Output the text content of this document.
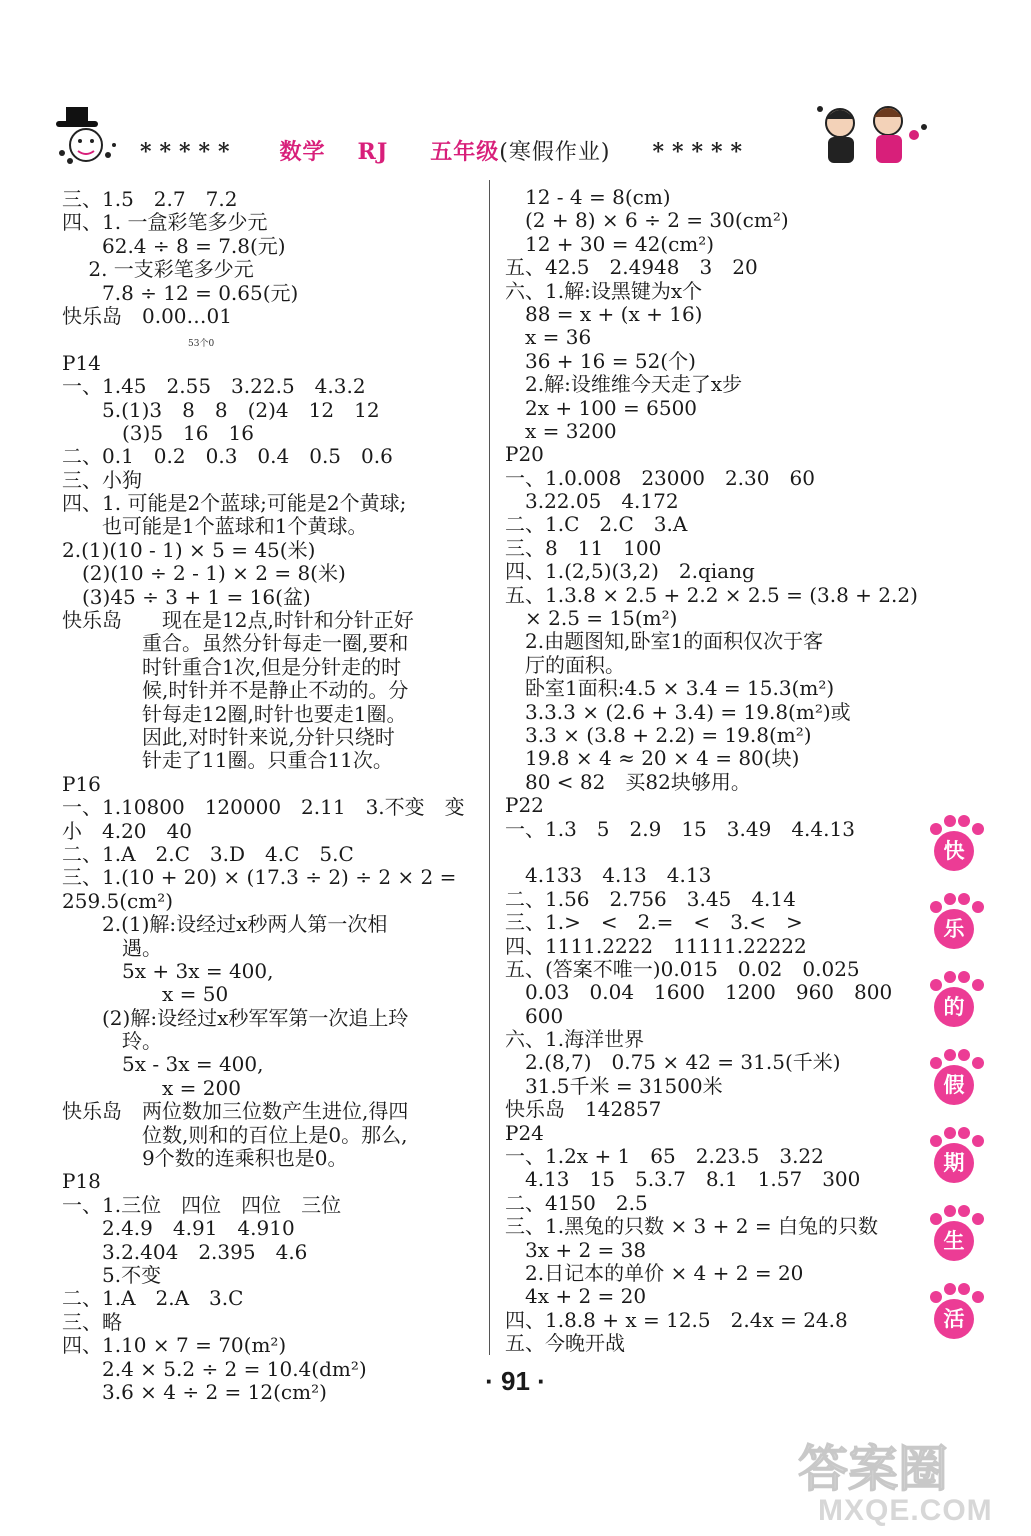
***** 数学 RJ 五年级(寒假作业) *****
三、1.5　2.7　7.2
四、1. 一盒彩笔多少元
　　62.4 ÷ 8 = 7.8(元)
　 2. 一支彩笔多少元
　　7.8 ÷ 12 = 0.65(元)
快乐岛　0.00…01
P14
一、1.45　2.55　3.22.5　4.3.2
　　5.(1)3　8　8　(2)4　12　12
　　　(3)5　16　16
二、0.1　0.2　0.3　0.4　0.5　0.6
三、小狗
四、1. 可能是2个蓝球;可能是2个黄球;
　　也可能是1个蓝球和1个黄球。
2.(1)(10 - 1) × 5 = 45(米)
　(2)(10 ÷ 2 - 1) × 2 = 8(米)
　(3)45 ÷ 3 + 1 = 16(盆)
快乐岛　　现在是12点,时针和分针正好
　　　　重合。虽然分针每走一圈,要和
　　　　时针重合1次,但是分针走的时
　　　　候,时针并不是静止不动的。分
　　　　针每走12圈,时针也要走1圈。
　　　　因此,对时针来说,分针只绕时
　　　　针走了11圈。只重合11次。
P16
一、1.10800　120000　2.11　3.不变　变
小　4.20　40
二、1.A　2.C　3.D　4.C　5.C
三、1.(10 + 20) × (17.3 ÷ 2) ÷ 2 × 2 =
259.5(cm²)
　　2.(1)解:设经过x秒两人第一次相
　　　遇。
　　　5x + 3x = 400,
　　　　　x = 50
　　(2)解:设经过x秒军军第一次追上玲
　　　玲。
　　　5x - 3x = 400,
　　　　　x = 200
快乐岛　两位数加三位数产生进位,得四
　　　　位数,则和的百位上是0。那么,
　　　　9个数的连乘积也是0。
P18
一、1.三位　四位　四位　三位
　　2.4.9　4.91　4.910
　　3.2.404　2.395　4.6
　　5.不变
二、1.A　2.A　3.C
三、略
四、1.10 × 7 = 70(m²)
　　2.4 × 5.2 ÷ 2 = 10.4(dm²)
　　3.6 × 4 ÷ 2 = 12(cm²)
53个0
　12 - 4 = 8(cm)
　(2 + 8) × 6 ÷ 2 = 30(cm²)
　12 + 30 = 42(cm²)
五、42.5　2.4948　3　20
六、1.解:设黑键为x个
　88 = x + (x + 16)
　x = 36
　36 + 16 = 52(个)
　2.解:设维维今天走了x步
　2x + 100 = 6500
　x = 3200
P20
一、1.0.008　23000　2.30　60
　3.22.05　4.172
二、1.C　2.C　3.A
三、8　11　100
四、1.(2,5)(3,2)　2.qiang
五、1.3.8 × 2.5 + 2.2 × 2.5 = (3.8 + 2.2)
　× 2.5 = 15(m²)
　2.由题图知,卧室1的面积仅次于客
　厅的面积。
　卧室1面积:4.5 × 3.4 = 15.3(m²)
　3.3.3 × (2.6 + 3.4) = 19.8(m²)或
　3.3 × (3.8 + 2.2) = 19.8(m²)
　19.8 × 4 ≈ 20 × 4 = 80(块)
　80 < 82　买82块够用。
P22
一、1.3　5　2.9　15　3.49　4.4.13
　4.133　4.13　4.13
二、1.56　2.756　3.45　4.14
三、1.>　<　2.=　<　3.<　>
四、1111.2222　11111.22222
五、(答案不唯一)0.015　0.02　0.025
　0.03　0.04　1600　1200　960　800
　600
六、1.海洋世界
　2.(8,7)　0.75 × 42 = 31.5(千米)
　31.5千米 = 31500米
快乐岛　142857
P24
一、1.2x + 1　65　2.23.5　3.22
　4.13　15　5.3.7　8.1　1.57　300
二、4150　2.5
三、1.黑兔的只数 × 3 + 2 = 白兔的只数
　3x + 2 = 38
　2.日记本的单价 × 4 + 2 = 20
　4x + 2 = 20
四、1.8.8 + x = 12.5　2.4x = 24.8
五、今晚开战
快
乐
的
假
期
生
活
· 91 ·
答案圈
MXQE.COM
